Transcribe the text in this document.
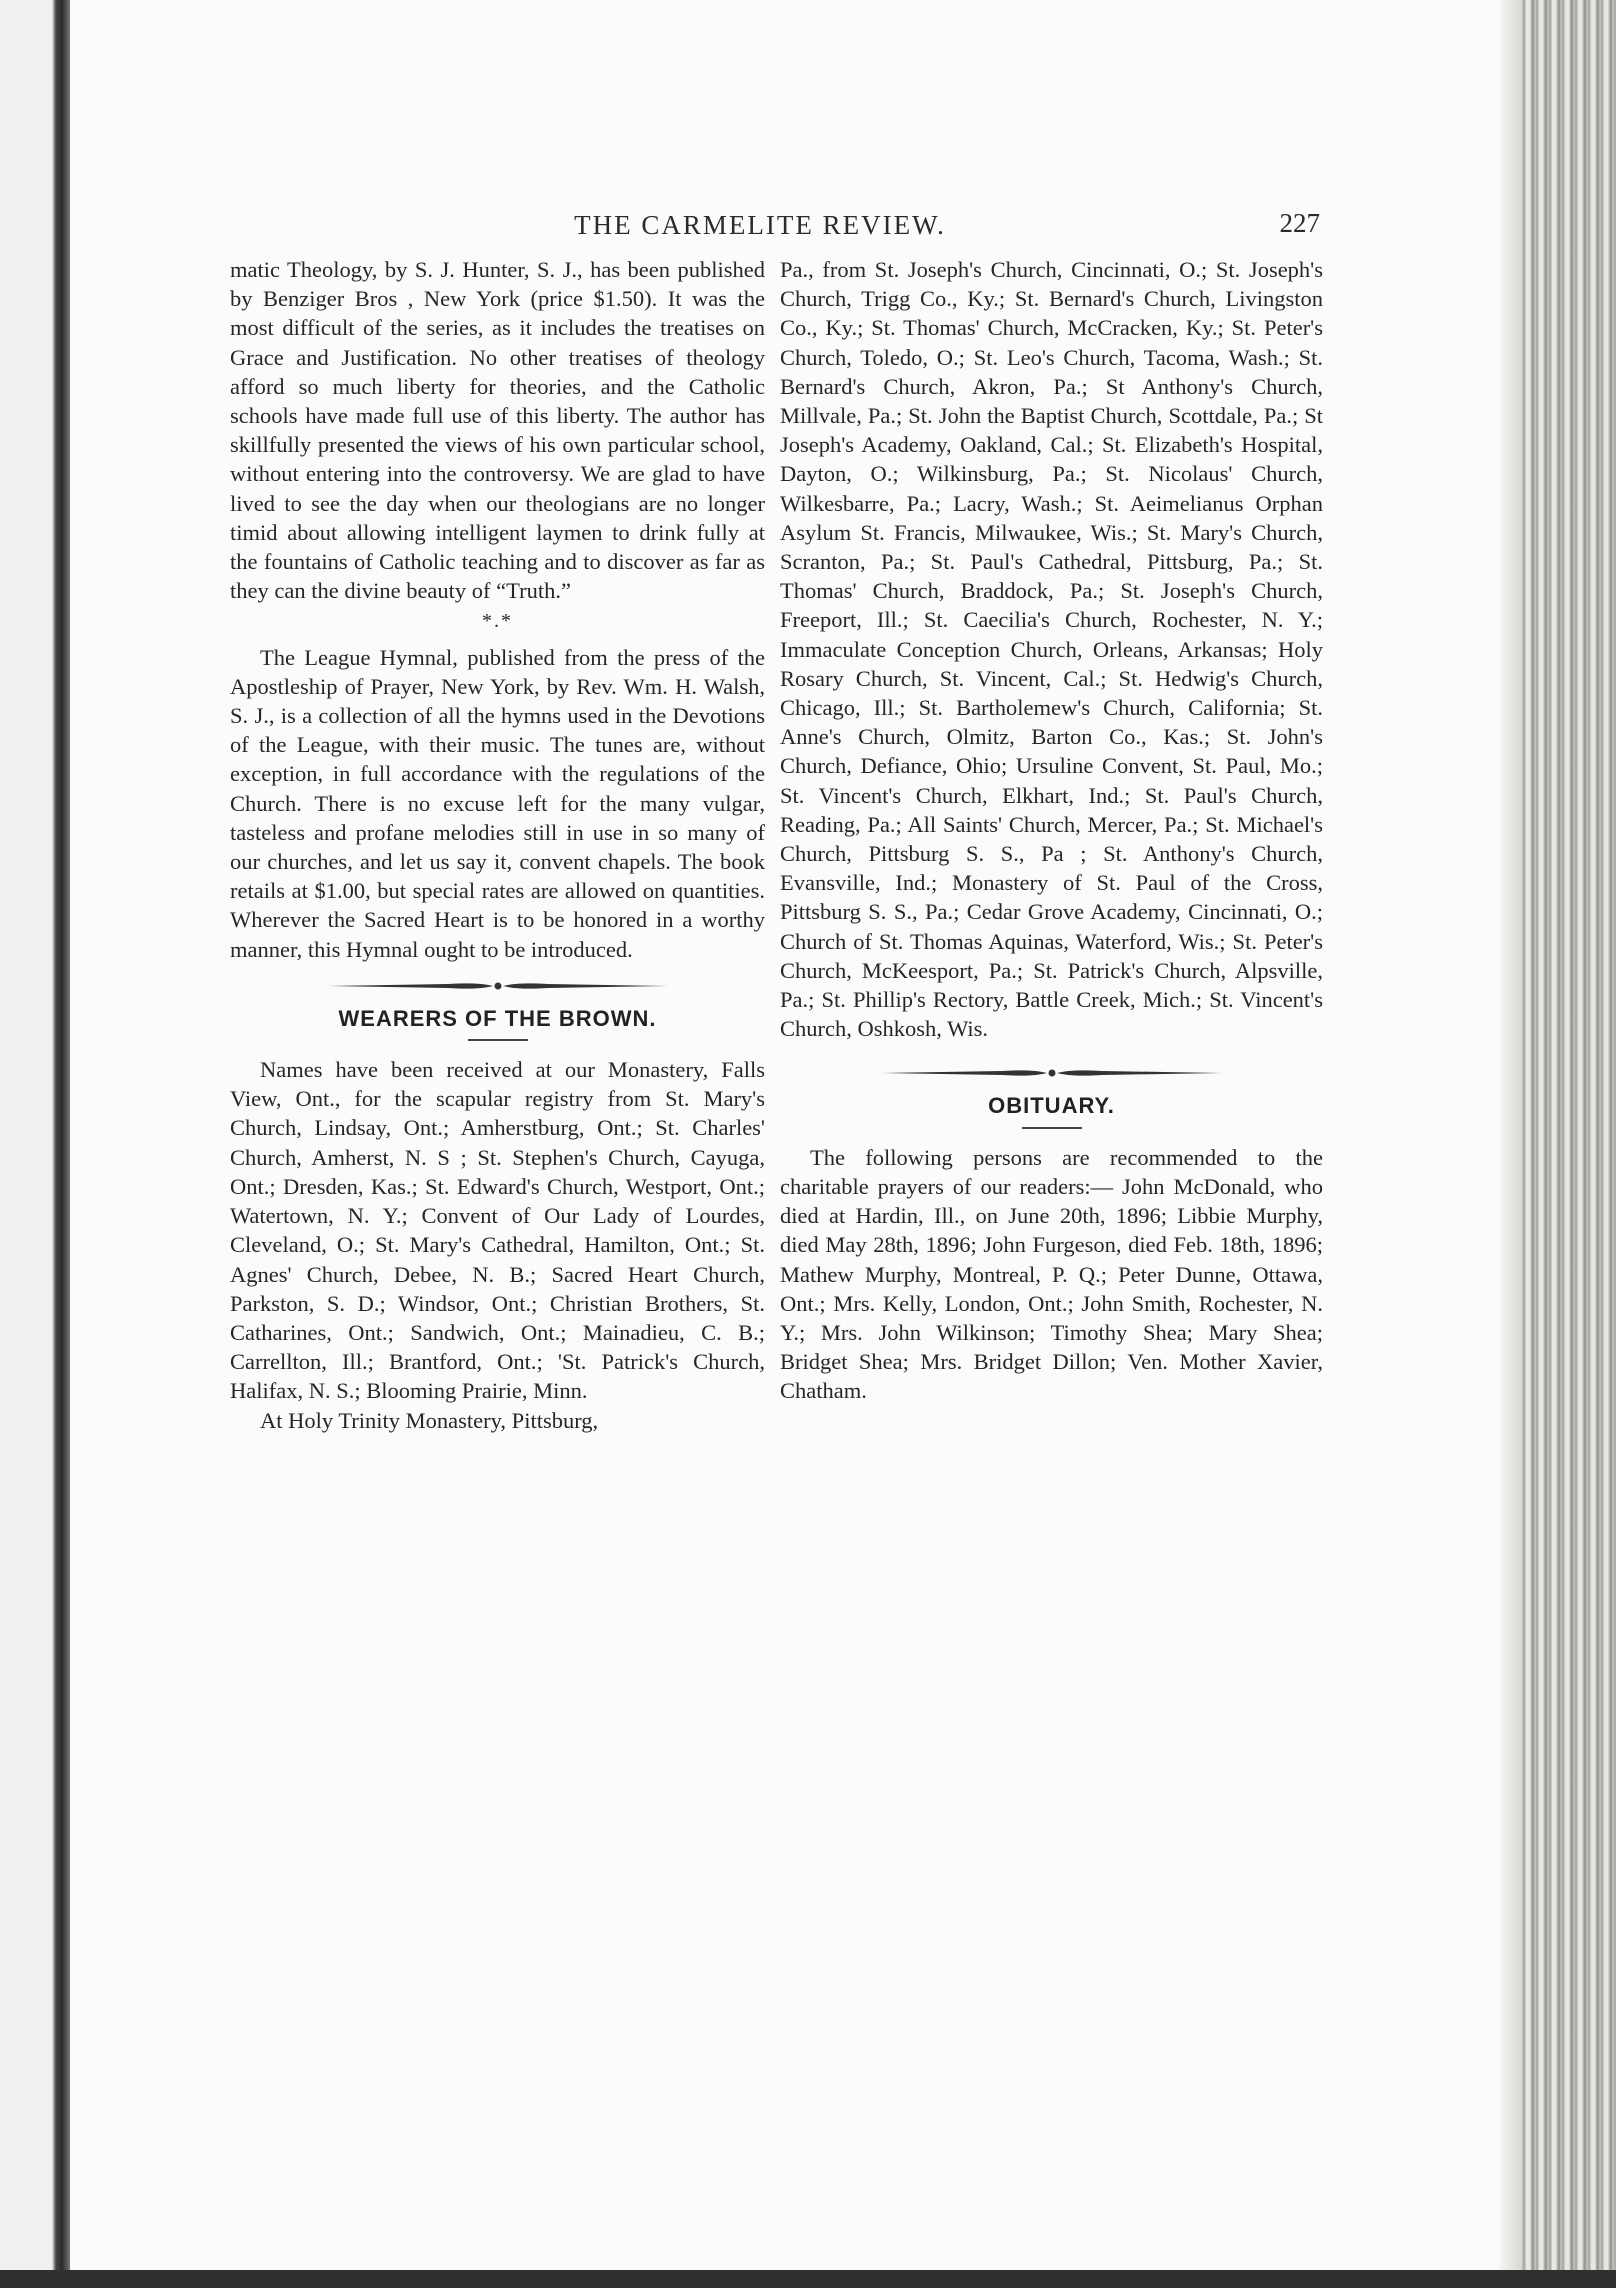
THE CARMELITE REVIEW.	227

matic Theology, by S. J. Hunter, S. J., has been published by Benziger Bros , New York (price $1.50). It was the most difficult of the series, as it includes the treatises on Grace and Justification. No other treatises of theology afford so much liberty for theories, and the Catholic schools have made full use of this liberty. The author has skillfully presented the views of his own particular school, without entering into the controversy. We are glad to have lived to see the day when our theologians are no longer timid about allowing intelligent laymen to drink fully at the fountains of Catholic teaching and to discover as far as they can the divine beauty of “Truth.”

*.*

The League Hymnal, published from the press of the Apostleship of Prayer, New York, by Rev. Wm. H. Walsh, S. J., is a collection of all the hymns used in the Devotions of the League, with their music. The tunes are, without exception, in full accordance with the regulations of the Church. There is no excuse left for the many vulgar, tasteless and profane melodies still in use in so many of our churches, and let us say it, convent chapels. The book retails at $1.00, but special rates are allowed on quantities. Wherever the Sacred Heart is to be honored in a worthy manner, this Hymnal ought to be introduced.

WEARERS OF THE BROWN.

Names have been received at our Monastery, Falls View, Ont., for the scapular registry from St. Mary's Church, Lindsay, Ont.; Amherstburg, Ont.; St. Charles' Church, Amherst, N. S ; St. Stephen's Church, Cayuga, Ont.; Dresden, Kas.; St. Edward's Church, Westport, Ont.; Watertown, N. Y.; Convent of Our Lady of Lourdes, Cleveland, O.; St. Mary's Cathedral, Hamilton, Ont.; St. Agnes' Church, Debee, N. B.; Sacred Heart Church, Parkston, S. D.; Windsor, Ont.; Christian Brothers, St. Catharines, Ont.; Sandwich, Ont.; Mainadieu, C. B.; Carrellton, Ill.; Brantford, Ont.; 'St. Patrick's Church, Halifax, N. S.; Blooming Prairie, Minn.

At Holy Trinity Monastery, Pittsburg,

Pa., from St. Joseph's Church, Cincinnati, O.; St. Joseph's Church, Trigg Co., Ky.; St. Bernard's Church, Livingston Co., Ky.; St. Thomas' Church, McCracken, Ky.; St. Peter's Church, Toledo, O.; St. Leo's Church, Tacoma, Wash.; St. Bernard's Church, Akron, Pa.; St Anthony's Church, Millvale, Pa.; St. John the Baptist Church, Scottdale, Pa.; St Joseph's Academy, Oakland, Cal.; St. Elizabeth's Hospital, Dayton, O.; Wilkinsburg, Pa.; St. Nicolaus' Church, Wilkesbarre, Pa.; Lacry, Wash.; St. Aeimelianus Orphan Asylum St. Francis, Milwaukee, Wis.; St. Mary's Church, Scranton, Pa.; St. Paul's Cathedral, Pittsburg, Pa.; St. Thomas' Church, Braddock, Pa.; St. Joseph's Church, Freeport, Ill.; St. Caecilia's Church, Rochester, N. Y.; Immaculate Conception Church, Orleans, Arkansas; Holy Rosary Church, St. Vincent, Cal.; St. Hedwig's Church, Chicago, Ill.; St. Bartholemew's Church, California; St. Anne's Church, Olmitz, Barton Co., Kas.; St. John's Church, Defiance, Ohio; Ursuline Convent, St. Paul, Mo.; St. Vincent's Church, Elkhart, Ind.; St. Paul's Church, Reading, Pa.; All Saints' Church, Mercer, Pa.; St. Michael's Church, Pittsburg S. S., Pa ; St. Anthony's Church, Evansville, Ind.; Monastery of St. Paul of the Cross, Pittsburg S. S., Pa.; Cedar Grove Academy, Cincinnati, O.; Church of St. Thomas Aquinas, Waterford, Wis.; St. Peter's Church, McKeesport, Pa.; St. Patrick's Church, Alpsville, Pa.; St. Phillip's Rectory, Battle Creek, Mich.; St. Vincent's Church, Oshkosh, Wis.

OBITUARY.

The following persons are recommended to the charitable prayers of our readers:— John McDonald, who died at Hardin, Ill., on June 20th, 1896; Libbie Murphy, died May 28th, 1896; John Furgeson, died Feb. 18th, 1896; Mathew Murphy, Montreal, P. Q.; Peter Dunne, Ottawa, Ont.; Mrs. Kelly, London, Ont.; John Smith, Rochester, N. Y.; Mrs. John Wilkinson; Timothy Shea; Mary Shea; Bridget Shea; Mrs. Bridget Dillon; Ven. Mother Xavier, Chatham.
